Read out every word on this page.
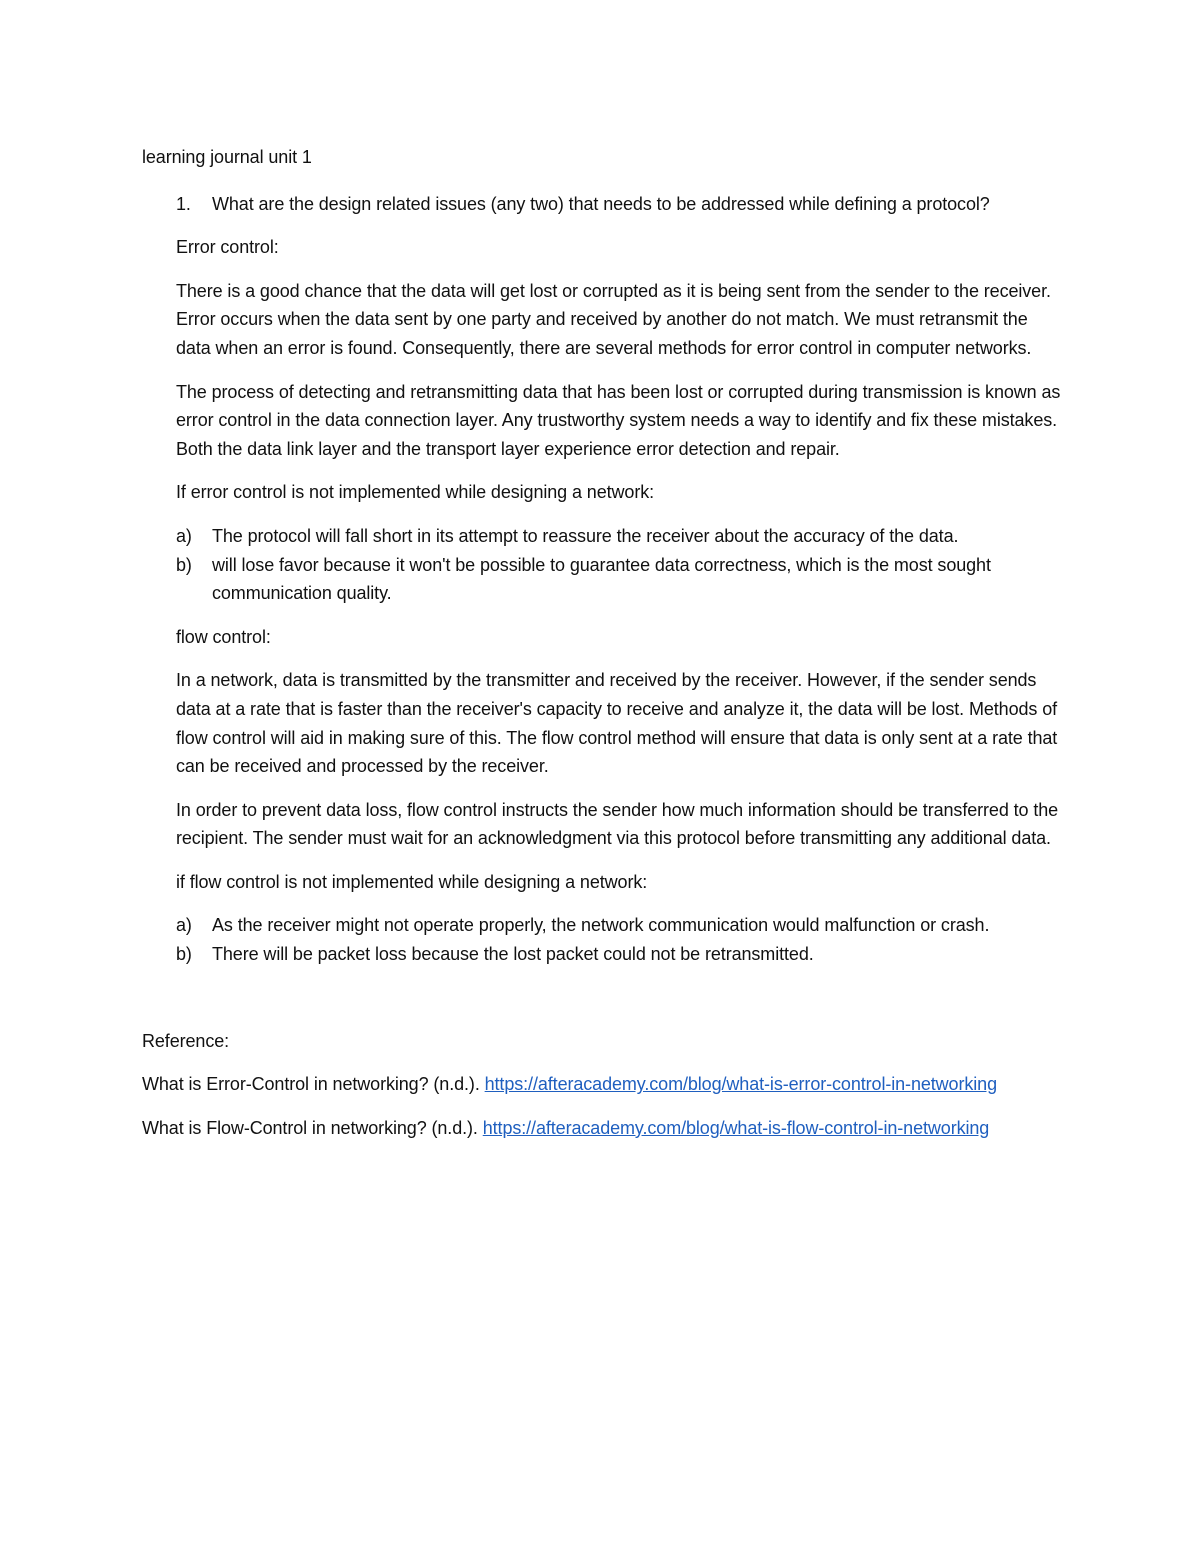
learning journal unit 1

1. What are the design related issues (any two) that needs to be addressed while defining a protocol?

Error control:

There is a good chance that the data will get lost or corrupted as it is being sent from the sender to the receiver. Error occurs when the data sent by one party and received by another do not match. We must retransmit the data when an error is found. Consequently, there are several methods for error control in computer networks.

The process of detecting and retransmitting data that has been lost or corrupted during transmission is known as error control in the data connection layer. Any trustworthy system needs a way to identify and fix these mistakes. Both the data link layer and the transport layer experience error detection and repair.

If error control is not implemented while designing a network:

a) The protocol will fall short in its attempt to reassure the receiver about the accuracy of the data.
b) will lose favor because it won't be possible to guarantee data correctness, which is the most sought communication quality.

flow control:

In a network, data is transmitted by the transmitter and received by the receiver. However, if the sender sends data at a rate that is faster than the receiver's capacity to receive and analyze it, the data will be lost. Methods of flow control will aid in making sure of this. The flow control method will ensure that data is only sent at a rate that can be received and processed by the receiver.

In order to prevent data loss, flow control instructs the sender how much information should be transferred to the recipient. The sender must wait for an acknowledgment via this protocol before transmitting any additional data.

if flow control is not implemented while designing a network:

a) As the receiver might not operate properly, the network communication would malfunction or crash.
b) There will be packet loss because the lost packet could not be retransmitted.

Reference:

What is Error-Control in networking? (n.d.). https://afteracademy.com/blog/what-is-error-control-in-networking

What is Flow-Control in networking? (n.d.). https://afteracademy.com/blog/what-is-flow-control-in-networking
